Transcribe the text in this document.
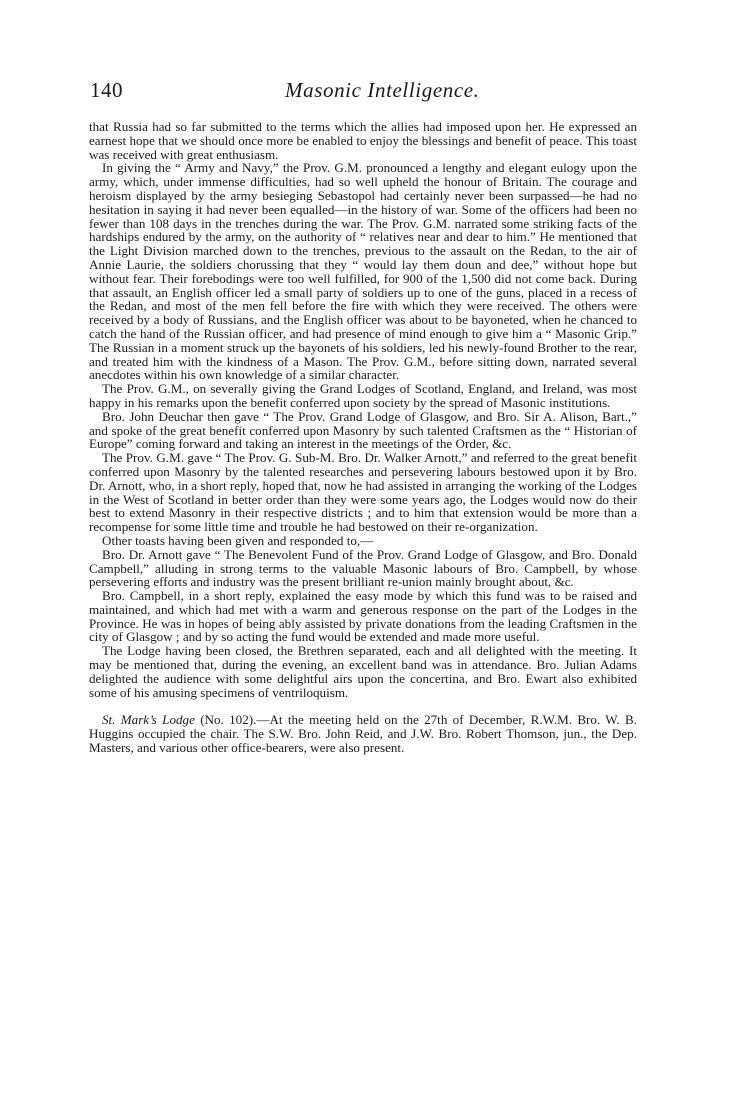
140	Masonic Intelligence.

that Russia had so far submitted to the terms which the allies had imposed upon her. He expressed an earnest hope that we should once more be enabled to enjoy the blessings and benefit of peace. This toast was received with great enthusiasm.

In giving the “ Army and Navy,” the Prov. G.M. pronounced a lengthy and elegant eulogy upon the army, which, under immense difficulties, had so well upheld the honour of Britain. The courage and heroism displayed by the army besieging Sebastopol had certainly never been surpassed—he had no hesitation in saying it had never been equalled—in the history of war. Some of the officers had been no fewer than 108 days in the trenches during the war. The Prov. G.M. narrated some striking facts of the hardships endured by the army, on the authority of “ relatives near and dear to him.” He mentioned that the Light Division marched down to the trenches, previous to the assault on the Redan, to the air of Annie Laurie, the soldiers chorussing that they “ would lay them doun and dee,” without hope but without fear. Their forebodings were too well fulfilled, for 900 of the 1,500 did not come back. During that assault, an English officer led a small party of soldiers up to one of the guns, placed in a recess of the Redan, and most of the men fell before the fire with which they were received. The others were received by a body of Russians, and the English officer was about to be bayoneted, when he chanced to catch the hand of the Russian officer, and had presence of mind enough to give him a “ Masonic Grip.” The Russian in a moment struck up the bayonets of his soldiers, led his newly-found Brother to the rear, and treated him with the kindness of a Mason. The Prov. G.M., before sitting down, narrated several anecdotes within his own knowledge of a similar character.

The Prov. G.M., on severally giving the Grand Lodges of Scotland, England, and Ireland, was most happy in his remarks upon the benefit conferred upon society by the spread of Masonic institutions.

Bro. John Deuchar then gave “ The Prov. Grand Lodge of Glasgow, and Bro. Sir A. Alison, Bart.,” and spoke of the great benefit conferred upon Masonry by such talented Craftsmen as the “ Historian of Europe” coming forward and taking an interest in the meetings of the Order, &c.

The Prov. G.M. gave “ The Prov. G. Sub-M. Bro. Dr. Walker Arnott,” and referred to the great benefit conferred upon Masonry by the talented researches and persevering labours bestowed upon it by Bro. Dr. Arnott, who, in a short reply, hoped that, now he had assisted in arranging the working of the Lodges in the West of Scotland in better order than they were some years ago, the Lodges would now do their best to extend Masonry in their respective districts ; and to him that extension would be more than a recompense for some little time and trouble he had bestowed on their re-organization.

Other toasts having been given and responded to,—

Bro. Dr. Arnott gave “ The Benevolent Fund of the Prov. Grand Lodge of Glasgow, and Bro. Donald Campbell,” alluding in strong terms to the valuable Masonic labours of Bro. Campbell, by whose persevering efforts and industry was the present brilliant re-union mainly brought about, &c.

Bro. Campbell, in a short reply, explained the easy mode by which this fund was to be raised and maintained, and which had met with a warm and generous response on the part of the Lodges in the Province. He was in hopes of being ably assisted by private donations from the leading Craftsmen in the city of Glasgow ; and by so acting the fund would be extended and made more useful.

The Lodge having been closed, the Brethren separated, each and all delighted with the meeting. It may be mentioned that, during the evening, an excellent band was in attendance. Bro. Julian Adams delighted the audience with some delightful airs upon the concertina, and Bro. Ewart also exhibited some of his amusing specimens of ventriloquism.

St. Mark’s Lodge (No. 102).—At the meeting held on the 27th of December, R.W.M. Bro. W. B. Huggins occupied the chair. The S.W. Bro. John Reid, and J.W. Bro. Robert Thomson, jun., the Dep. Masters, and various other office-bearers, were also present.
